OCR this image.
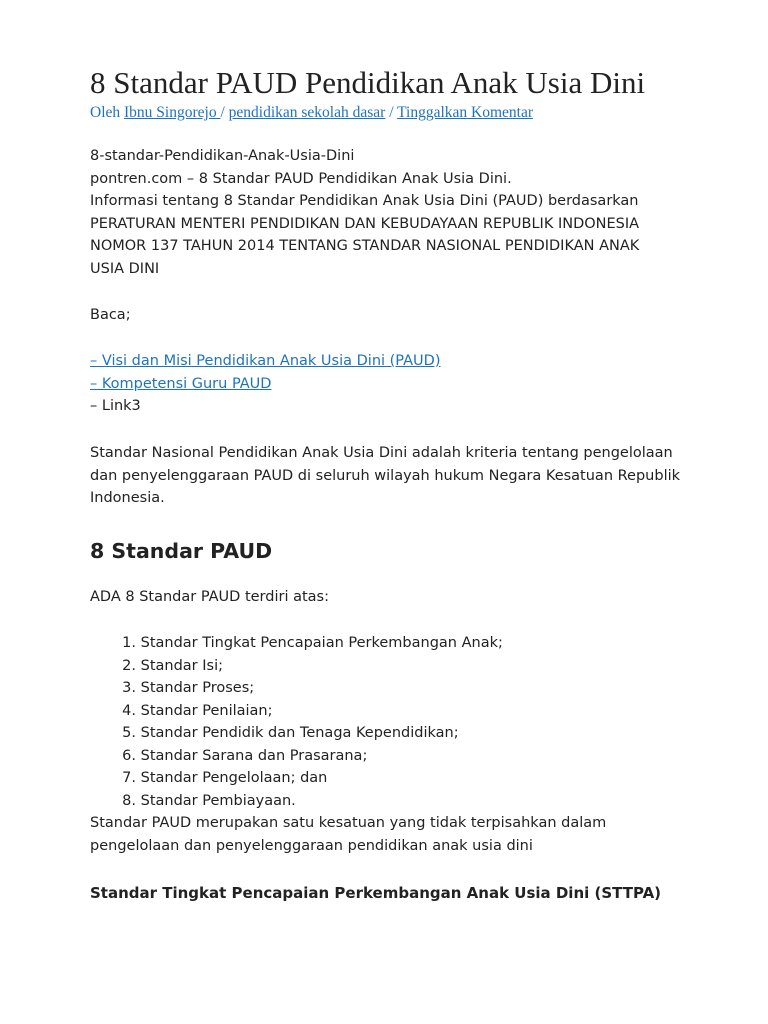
8 Standar PAUD Pendidikan Anak Usia Dini
Oleh Ibnu Singorejo / pendidikan sekolah dasar / Tinggalkan Komentar

8-standar-Pendidikan-Anak-Usia-Dini

pontren.com – 8 Standar PAUD Pendidikan Anak Usia Dini.

Informasi tentang 8 Standar Pendidikan Anak Usia Dini (PAUD) berdasarkan

PERATURAN MENTERI PENDIDIKAN DAN KEBUDAYAAN REPUBLIK INDONESIA

NOMOR 137 TAHUN 2014 TENTANG STANDAR NASIONAL PENDIDIKAN ANAK

USIA DINI

Baca;

– Visi dan Misi Pendidikan Anak Usia Dini (PAUD)
– Kompetensi Guru PAUD

– Link3

Standar Nasional Pendidikan Anak Usia Dini adalah kriteria tentang pengelolaan

dan penyelenggaraan PAUD di seluruh wilayah hukum Negara Kesatuan Republik

Indonesia.

8 Standar PAUD

ADA 8 Standar PAUD terdiri atas:

1. Standar Tingkat Pencapaian Perkembangan Anak;
2. Standar Isi;
3. Standar Proses;
4. Standar Penilaian;
5. Standar Pendidik dan Tenaga Kependidikan;
6. Standar Sarana dan Prasarana;
7. Standar Pengelolaan; dan
8. Standar Pembiayaan.

Standar PAUD merupakan satu kesatuan yang tidak terpisahkan dalam

pengelolaan dan penyelenggaraan pendidikan anak usia dini

Standar Tingkat Pencapaian Perkembangan Anak Usia Dini (STTPA)
